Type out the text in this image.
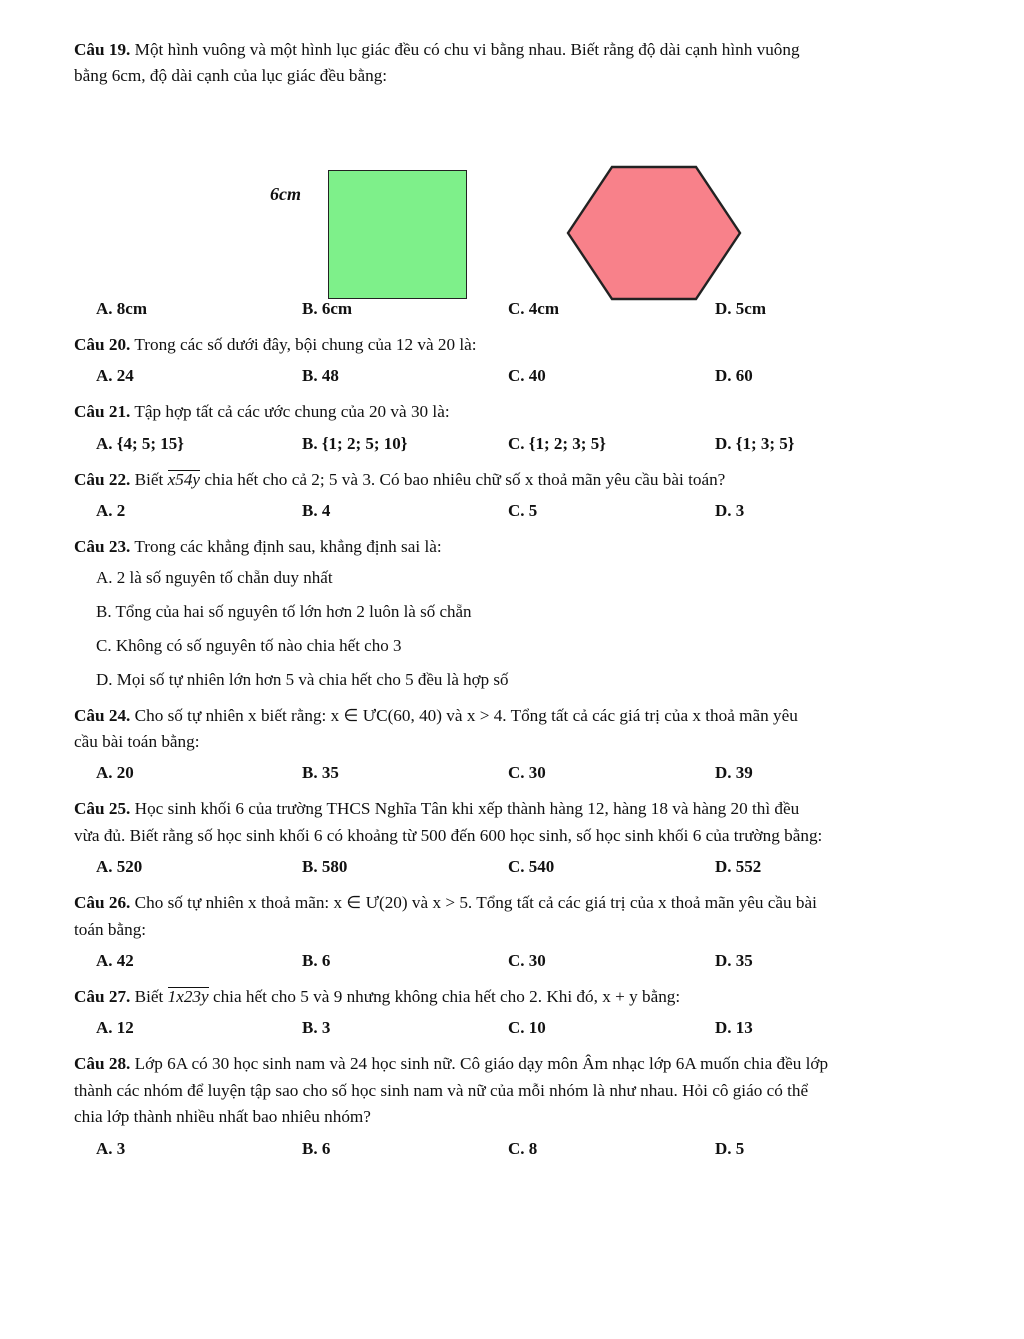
Câu 19. Một hình vuông và một hình lục giác đều có chu vi bằng nhau. Biết rằng độ dài cạnh hình vuông

bằng 6cm, độ dài cạnh của lục giác đều bằng:

6cm
A. 8cm	B. 6cm	C. 4cm	D. 5cm

Câu 20. Trong các số dưới đây, bội chung của 12 và 20 là:

A. 24	B. 48	C. 40	D. 60

Câu 21. Tập hợp tất cả các ước chung của 20 và 30 là:

A. {4; 5; 15}	B. {1; 2; 5; 10}	C. {1; 2; 3; 5}	D. {1; 3; 5}

Câu 22. Biết x54y chia hết cho cả 2; 5 và 3. Có bao nhiêu chữ số x thoả mãn yêu cầu bài toán?

A. 2	B. 4	C. 5	D. 3

Câu 23. Trong các khẳng định sau, khẳng định sai là:

A. 2 là số nguyên tố chẵn duy nhất
B. Tổng của hai số nguyên tố lớn hơn 2 luôn là số chẵn
C. Không có số nguyên tố nào chia hết cho 3
D. Mọi số tự nhiên lớn hơn 5 và chia hết cho 5 đều là hợp số

Câu 24. Cho số tự nhiên x biết rằng: x ∈ ƯC(60, 40) và x > 4. Tổng tất cả các giá trị của x thoả mãn yêu

cầu bài toán bằng:

A. 20	B. 35	C. 30	D. 39

Câu 25. Học sinh khối 6 của trường THCS Nghĩa Tân khi xếp thành hàng 12, hàng 18 và hàng 20 thì đều

vừa đủ. Biết rằng số học sinh khối 6 có khoảng từ 500 đến 600 học sinh, số học sinh khối 6 của trường bằng:

A. 520	B. 580	C. 540	D. 552

Câu 26. Cho số tự nhiên x thoả mãn: x ∈ Ư(20) và x > 5. Tổng tất cả các giá trị của x thoả mãn yêu cầu bài

toán bằng:

A. 42	B. 6	C. 30	D. 35

Câu 27. Biết 1x23y chia hết cho 5 và 9 nhưng không chia hết cho 2. Khi đó, x + y bằng:

A. 12	B. 3	C. 10	D. 13

Câu 28. Lớp 6A có 30 học sinh nam và 24 học sinh nữ. Cô giáo dạy môn Âm nhạc lớp 6A muốn chia đều lớp

thành các nhóm để luyện tập sao cho số học sinh nam và nữ của mỗi nhóm là như nhau. Hỏi cô giáo có thể

chia lớp thành nhiều nhất bao nhiêu nhóm?

A. 3	B. 6	C. 8	D. 5
